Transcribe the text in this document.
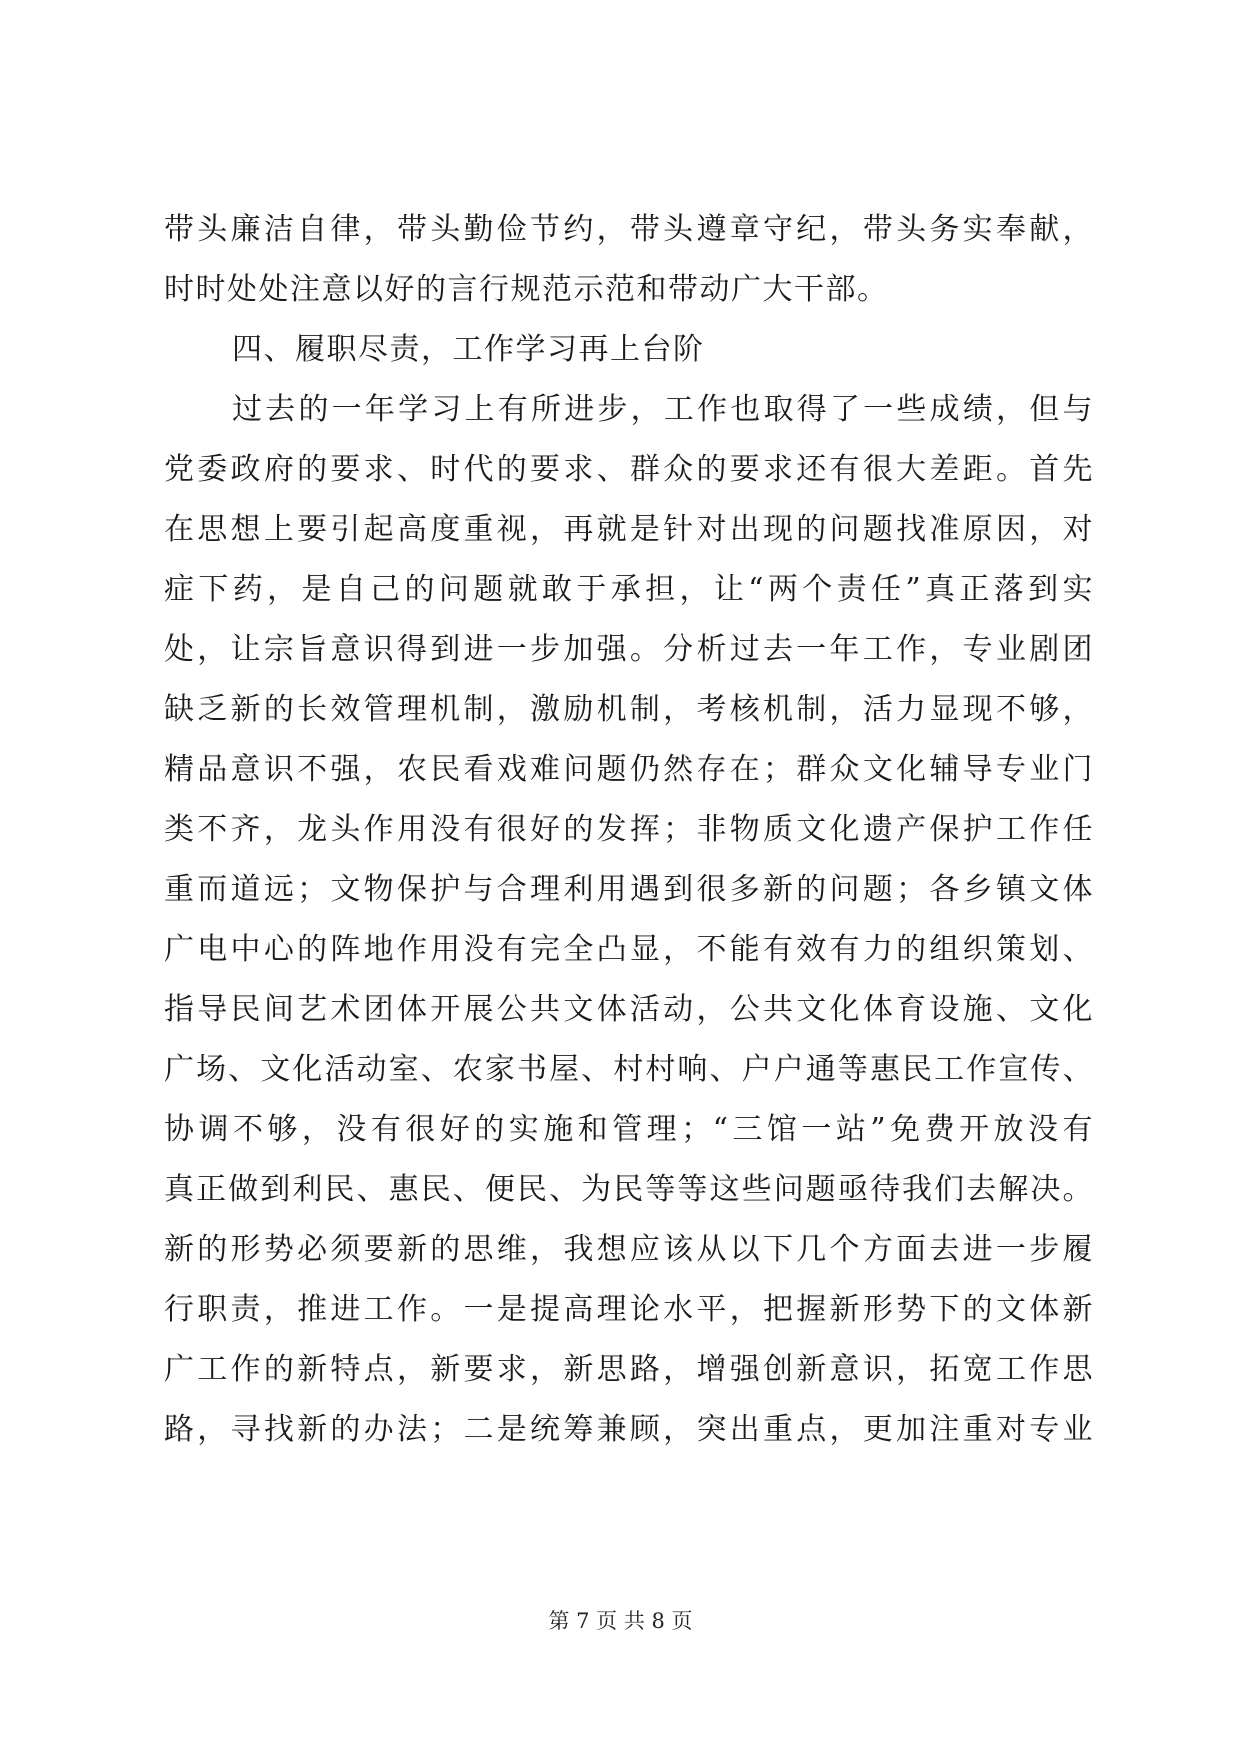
带头廉洁自律，带头勤俭节约，带头遵章守纪，带头务实奉献，
时时处处注意以好的言行规范示范和带动广大干部。
四、履职尽责，工作学习再上台阶
过去的一年学习上有所进步，工作也取得了一些成绩，但与
党委政府的要求、时代的要求、群众的要求还有很大差距。首先
在思想上要引起高度重视，再就是针对出现的问题找准原因，对
症下药，是自己的问题就敢于承担，让“两个责任”真正落到实
处，让宗旨意识得到进一步加强。分析过去一年工作，专业剧团
缺乏新的长效管理机制，激励机制，考核机制，活力显现不够，
精品意识不强，农民看戏难问题仍然存在；群众文化辅导专业门
类不齐，龙头作用没有很好的发挥；非物质文化遗产保护工作任
重而道远；文物保护与合理利用遇到很多新的问题；各乡镇文体
广电中心的阵地作用没有完全凸显，不能有效有力的组织策划、
指导民间艺术团体开展公共文体活动，公共文化体育设施、文化
广场、文化活动室、农家书屋、村村响、户户通等惠民工作宣传、
协调不够，没有很好的实施和管理；“三馆一站”免费开放没有
真正做到利民、惠民、便民、为民等等这些问题亟待我们去解决。
新的形势必须要新的思维，我想应该从以下几个方面去进一步履
行职责，推进工作。一是提高理论水平，把握新形势下的文体新
广工作的新特点，新要求，新思路，增强创新意识，拓宽工作思
路，寻找新的办法；二是统筹兼顾，突出重点，更加注重对专业
第 7 页 共 8 页
